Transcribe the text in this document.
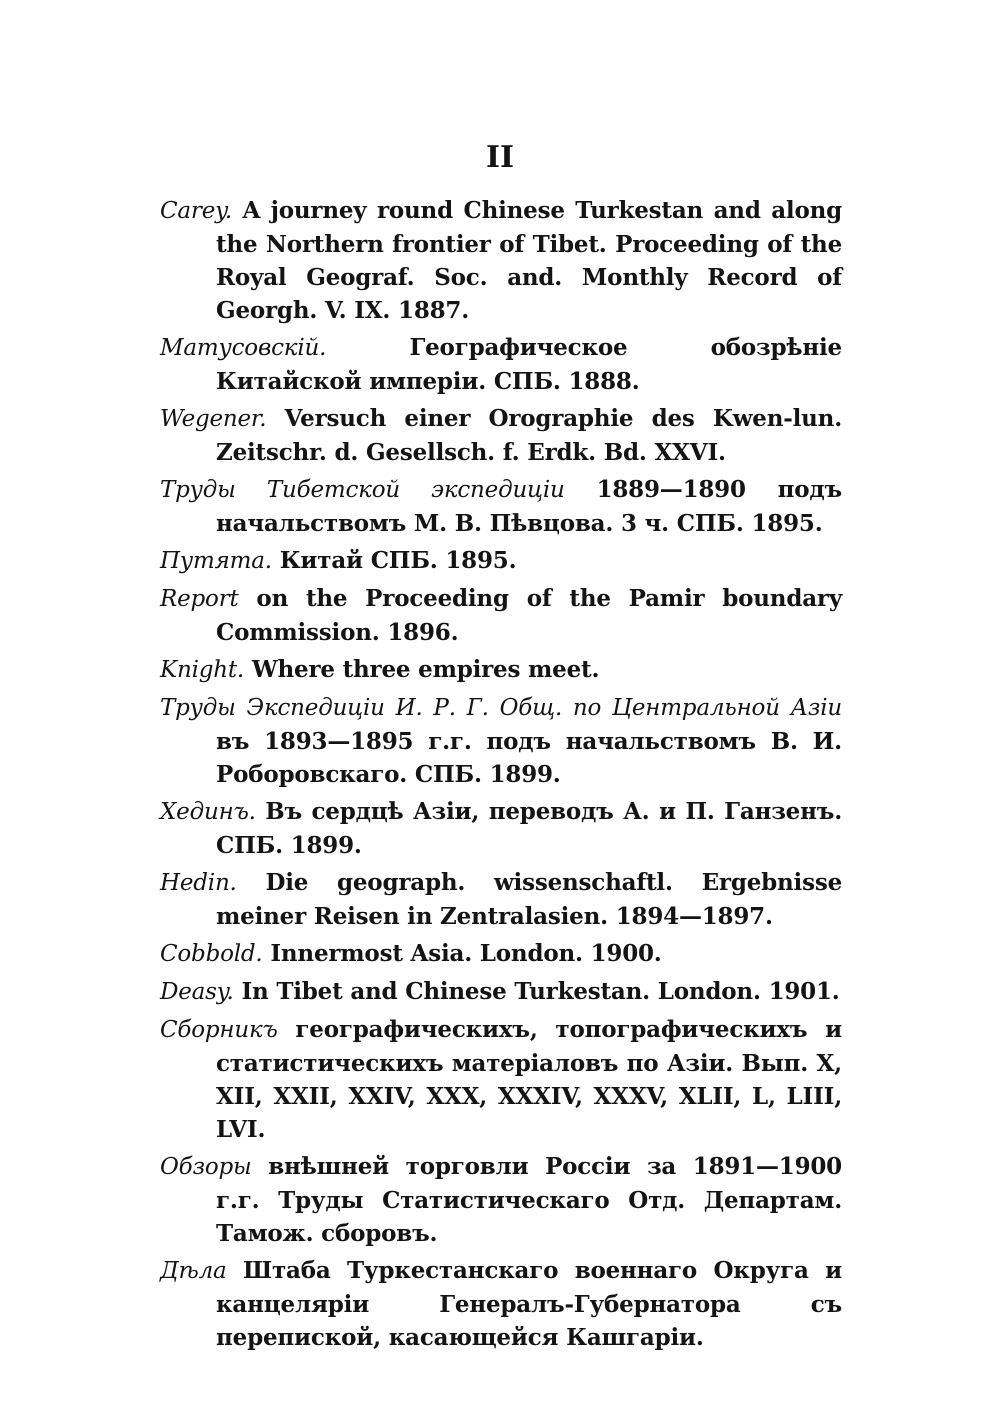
II
Carey. A journey round Chinese Turkestan and along the Northern frontier of Tibet. Proceeding of the Royal Geograf. Soc. and. Monthly Record of Georgh. V. IX. 1887.
Матусовскій.	Географическое обозрѣніе Китайской имперіи. СПБ. 1888.
Wegener. Versuch einer Orographie des Kwen-lun. Zeitschr. d. Gesellsch. f. Erdk. Bd. XXVI.
Труды Тибетской экспедиціи 1889—1890 подъ начальствомъ М. В. Пѣвцова. 3 ч. СПБ. 1895.
Путята. Китай СПБ. 1895.
Report on the Proceeding of the Pamir boundary Commission. 1896.
Knight. Where three empires meet.
Труды Экспедиціи И. Р. Г. Общ. по Центральной Азіи въ 1893—1895 г.г. подъ начальствомъ В. И. Роборовскаго. СПБ. 1899.
Хединъ. Въ сердцѣ Азіи, переводъ А. и П. Ганзенъ. СПБ. 1899.
Hedin. Die geograph. wissenschaftl. Ergebnisse meiner Reisen in Zentralasien. 1894—1897.
Cobbold. Innermost Asia. London. 1900.
Deasy. In Tibet and Chinese Turkestan. London. 1901.
Сборникъ географическихъ, топографическихъ и статистическихъ матеріаловъ по Азіи. Вып. X, XII, XXII, XXIV, XXX, XXXIV, XXXV, XLII, L, LIII, LVI.
Обзоры внѣшней торговли Россіи за 1891—1900 г.г. Труды Статистическаго Отд. Департам. Тамож. сборовъ.
Дѣла Штаба Туркестанскаго военнаго Округа и канцеляріи Генералъ-Губернатора съ перепиской, касающейся Кашгаріи.
